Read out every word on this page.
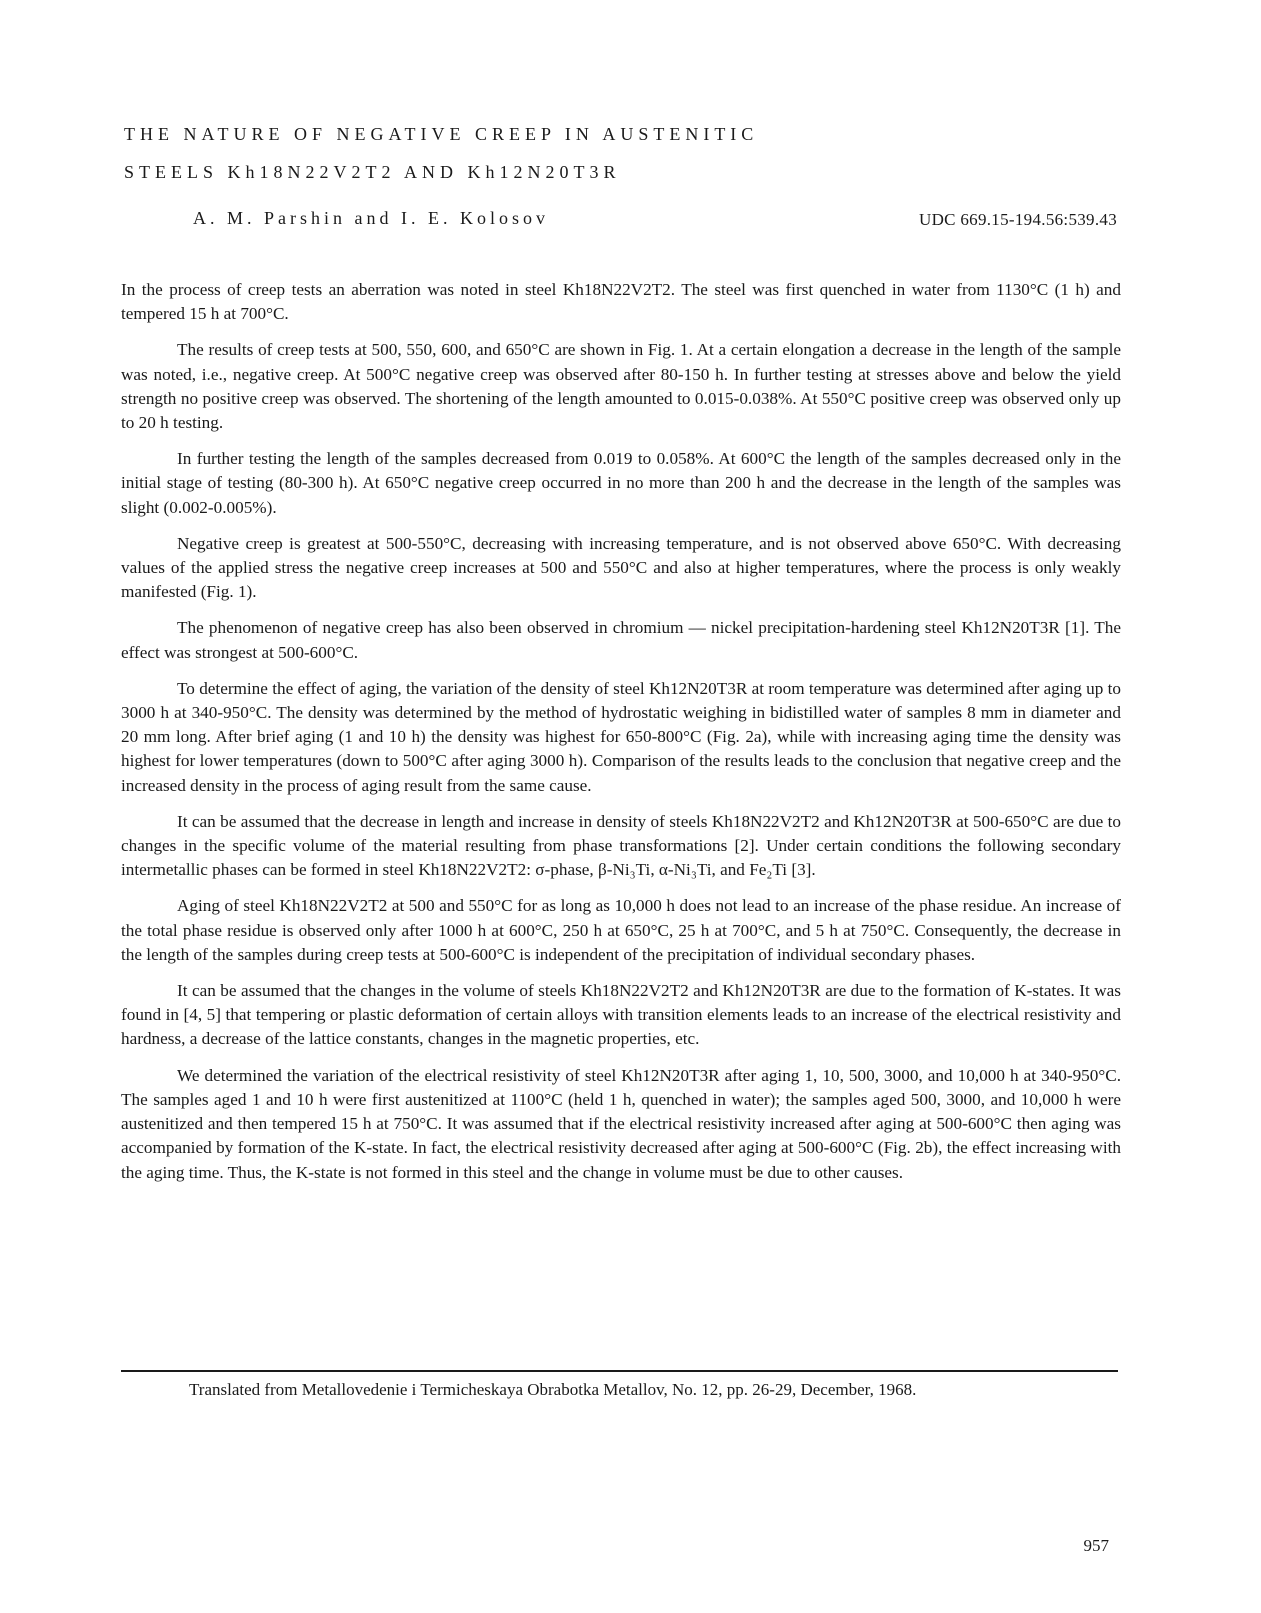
THE NATURE OF NEGATIVE CREEP IN AUSTENITIC
STEELS Kh18N22V2T2 AND Kh12N20T3R
A. M. Parshin and I. E. Kolosov	UDC 669.15-194.56:539.43

In the process of creep tests an aberration was noted in steel Kh18N22V2T2. The steel was first quenched in water from 1130°C (1 h) and tempered 15 h at 700°C.

The results of creep tests at 500, 550, 600, and 650°C are shown in Fig. 1. At a certain elongation a decrease in the length of the sample was noted, i.e., negative creep. At 500°C negative creep was observed after 80-150 h. In further testing at stresses above and below the yield strength no positive creep was observed. The shortening of the length amounted to 0.015-0.038%. At 550°C positive creep was observed only up to 20 h testing.

In further testing the length of the samples decreased from 0.019 to 0.058%. At 600°C the length of the samples decreased only in the initial stage of testing (80-300 h). At 650°C negative creep occurred in no more than 200 h and the decrease in the length of the samples was slight (0.002-0.005%).

Negative creep is greatest at 500-550°C, decreasing with increasing temperature, and is not observed above 650°C. With decreasing values of the applied stress the negative creep increases at 500 and 550°C and also at higher temperatures, where the process is only weakly manifested (Fig. 1).

The phenomenon of negative creep has also been observed in chromium — nickel precipitation-hardening steel Kh12N20T3R [1]. The effect was strongest at 500-600°C.

To determine the effect of aging, the variation of the density of steel Kh12N20T3R at room temperature was determined after aging up to 3000 h at 340-950°C. The density was determined by the method of hydrostatic weighing in bidistilled water of samples 8 mm in diameter and 20 mm long. After brief aging (1 and 10 h) the density was highest for 650-800°C (Fig. 2a), while with increasing aging time the density was highest for lower temperatures (down to 500°C after aging 3000 h). Comparison of the results leads to the conclusion that negative creep and the increased density in the process of aging result from the same cause.

It can be assumed that the decrease in length and increase in density of steels Kh18N22V2T2 and Kh12N20T3R at 500-650°C are due to changes in the specific volume of the material resulting from phase transformations [2]. Under certain conditions the following secondary intermetallic phases can be formed in steel Kh18N22V2T2: σ-phase, β-Ni₃Ti, α-Ni₃Ti, and Fe₂Ti [3].

Aging of steel Kh18N22V2T2 at 500 and 550°C for as long as 10,000 h does not lead to an increase of the phase residue. An increase of the total phase residue is observed only after 1000 h at 600°C, 250 h at 650°C, 25 h at 700°C, and 5 h at 750°C. Consequently, the decrease in the length of the samples during creep tests at 500-600°C is independent of the precipitation of individual secondary phases.

It can be assumed that the changes in the volume of steels Kh18N22V2T2 and Kh12N20T3R are due to the formation of K-states. It was found in [4, 5] that tempering or plastic deformation of certain alloys with transition elements leads to an increase of the electrical resistivity and hardness, a decrease of the lattice constants, changes in the magnetic properties, etc.

We determined the variation of the electrical resistivity of steel Kh12N20T3R after aging 1, 10, 500, 3000, and 10,000 h at 340-950°C. The samples aged 1 and 10 h were first austenitized at 1100°C (held 1 h, quenched in water); the samples aged 500, 3000, and 10,000 h were austenitized and then tempered 15 h at 750°C. It was assumed that if the electrical resistivity increased after aging at 500-600°C then aging was accompanied by formation of the K-state. In fact, the electrical resistivity decreased after aging at 500-600°C (Fig. 2b), the effect increasing with the aging time. Thus, the K-state is not formed in this steel and the change in volume must be due to other causes.

Translated from Metallovedenie i Termicheskaya Obrabotka Metallov, No. 12, pp. 26-29, December, 1968.
957
